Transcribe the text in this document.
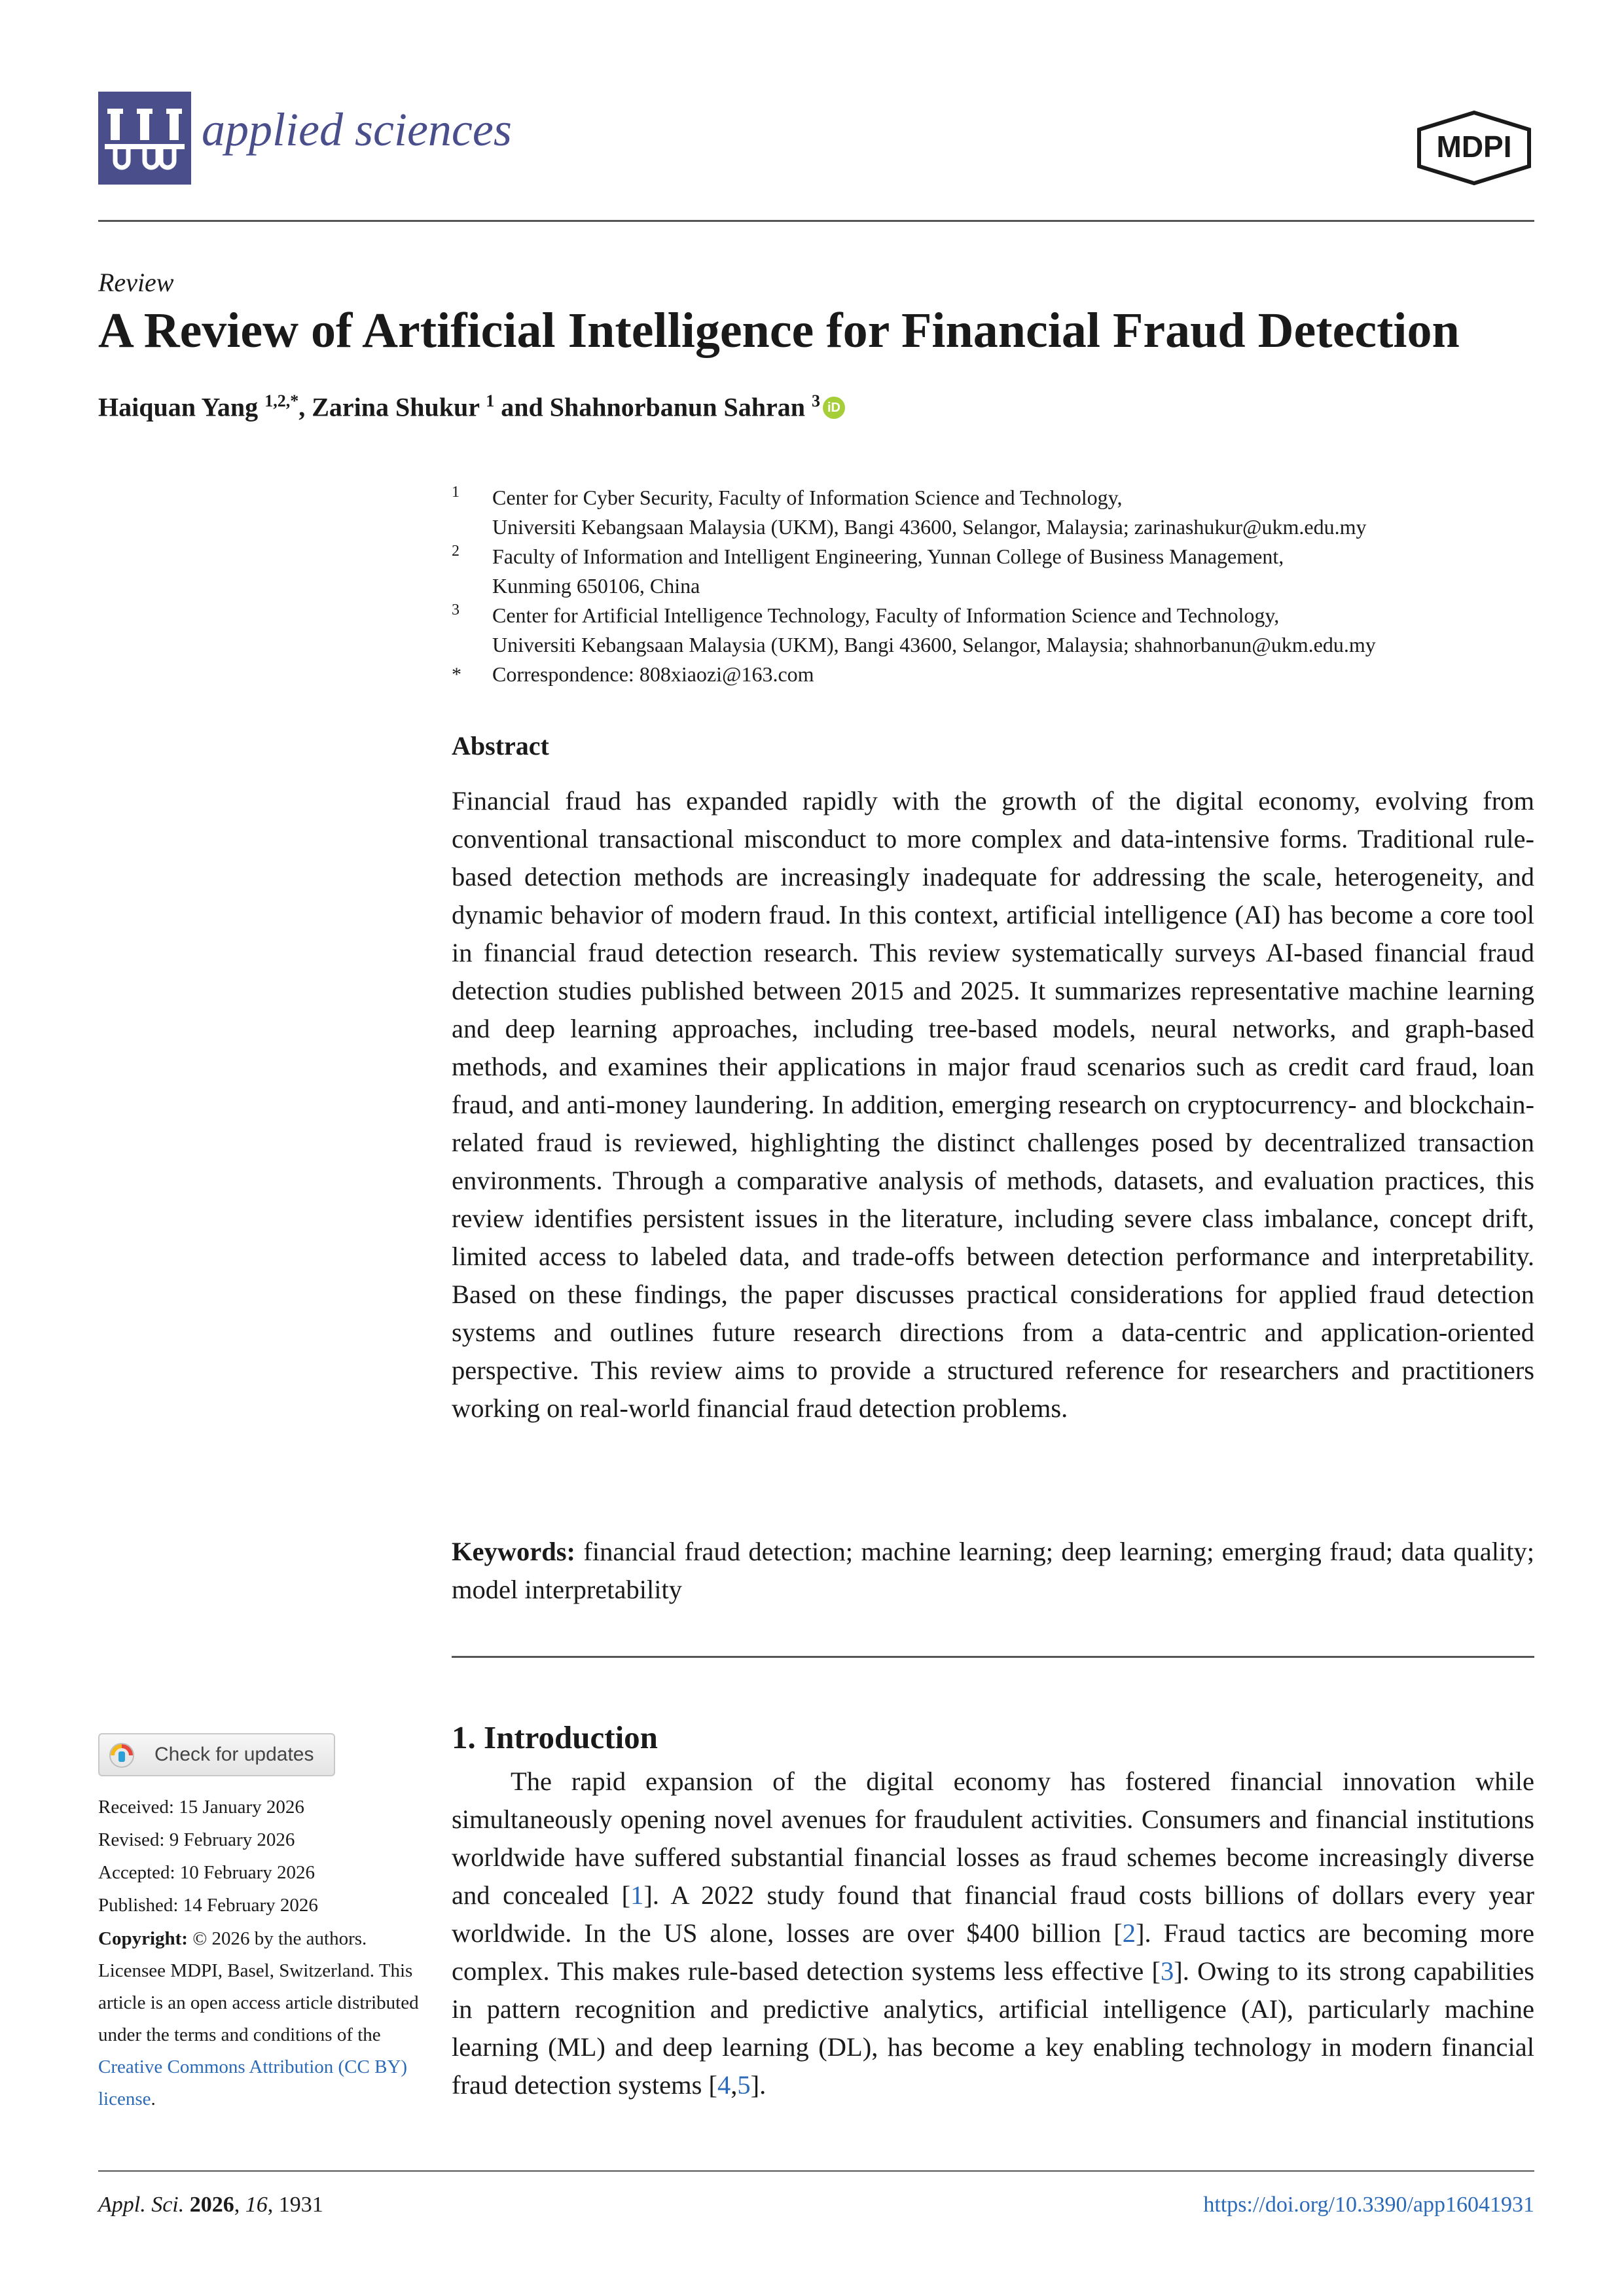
applied sciences	MDPI
Review
A Review of Artificial Intelligence for Financial Fraud Detection
Haiquan Yang $^{1,2,*}$, Zarina Shukur $^1$ and Shahnorbanun Sahran $^3$ iD
1 Center for Cyber Security, Faculty of Information Science and Technology,
Universiti Kebangsaan Malaysia (UKM), Bangi 43600, Selangor, Malaysia; zarinashukur@ukm.edu.my
2 Faculty of Information and Intelligent Engineering, Yunnan College of Business Management,
Kunming 650106, China
3 Center for Artificial Intelligence Technology, Faculty of Information Science and Technology,
Universiti Kebangsaan Malaysia (UKM), Bangi 43600, Selangor, Malaysia; shahnorbanun@ukm.edu.my
* Correspondence: 808xiaozi@163.com
Abstract
Financial fraud has expanded rapidly with the growth of the digital economy, evolving from conventional transactional misconduct to more complex and data-intensive forms. Traditional rule-based detection methods are increasingly inadequate for addressing the scale, heterogeneity, and dynamic behavior of modern fraud. In this context, artificial intelligence (AI) has become a core tool in financial fraud detection research. This review systematically surveys AI-based financial fraud detection studies published between 2015 and 2025. It summarizes representative machine learning and deep learning approaches, including tree-based models, neural networks, and graph-based methods, and examines their applications in major fraud scenarios such as credit card fraud, loan fraud, and anti-money laundering. In addition, emerging research on cryptocurrency- and blockchain-related fraud is reviewed, highlighting the distinct challenges posed by decentralized transaction environments. Through a comparative analysis of methods, datasets, and evaluation practices, this review identifies persistent issues in the literature, including severe class imbalance, concept drift, limited access to labeled data, and trade-offs between detection performance and interpretability. Based on these findings, the paper discusses practical considerations for applied fraud detection systems and outlines future research directions from a data-centric and application-oriented perspective. This review aims to provide a structured reference for researchers and practitioners working on real-world financial fraud detection problems.
Keywords: financial fraud detection; machine learning; deep learning; emerging fraud; data quality; model interpretability
Check for updates
Received: 15 January 2026
Revised: 9 February 2026
Accepted: 10 February 2026
Published: 14 February 2026
Copyright: © 2026 by the authors. Licensee MDPI, Basel, Switzerland. This article is an open access article distributed under the terms and conditions of the Creative Commons Attribution (CC BY) license.
1. Introduction
The rapid expansion of the digital economy has fostered financial innovation while simultaneously opening novel avenues for fraudulent activities. Consumers and financial institutions worldwide have suffered substantial financial losses as fraud schemes become increasingly diverse and concealed [1]. A 2022 study found that financial fraud costs billions of dollars every year worldwide. In the US alone, losses are over $400 billion [2]. Fraud tactics are becoming more complex. This makes rule-based detection systems less effective [3]. Owing to its strong capabilities in pattern recognition and predictive analytics, artificial intelligence (AI), particularly machine learning (ML) and deep learning (DL), has become a key enabling technology in modern financial fraud detection systems [4,5].
Appl. Sci. 2026, 16, 1931	https://doi.org/10.3390/app16041931
